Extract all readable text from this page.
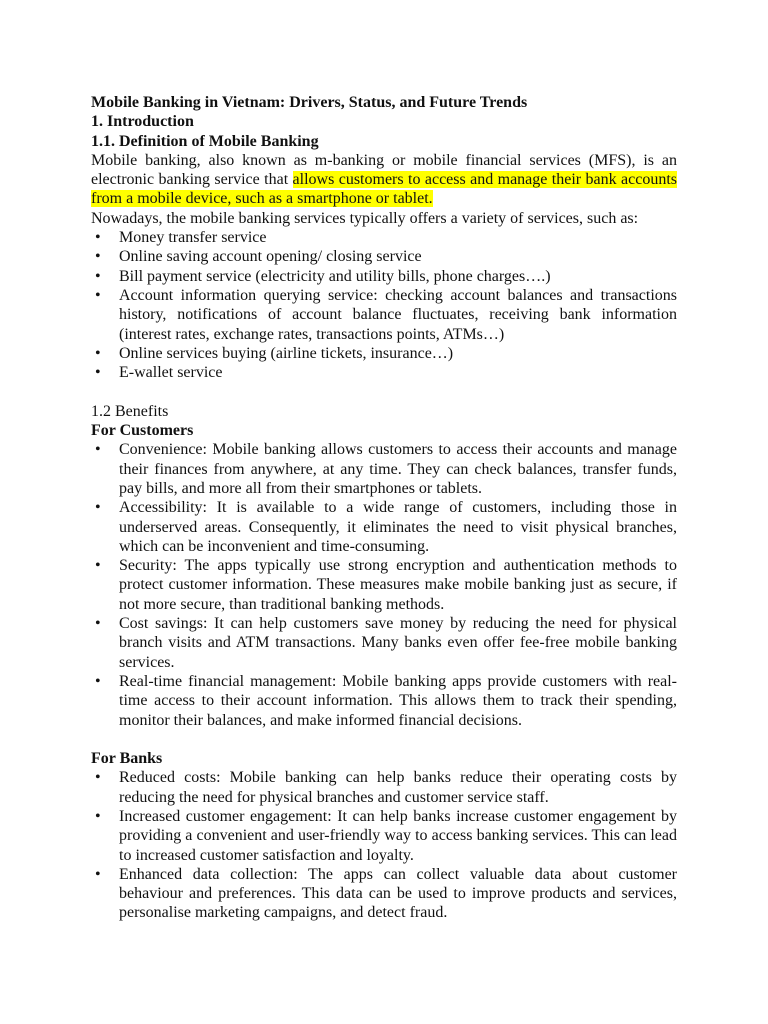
Mobile Banking in Vietnam: Drivers, Status, and Future Trends
1. Introduction
1.1. Definition of Mobile Banking

Mobile banking, also known as m-banking or mobile financial services (MFS), is an electronic banking service that allows customers to access and manage their bank accounts from a mobile device, such as a smartphone or tablet.

Nowadays, the mobile banking services typically offers a variety of services, such as:

• Money transfer service
• Online saving account opening/ closing service
• Bill payment service (electricity and utility bills, phone charges….)
• Account information querying service: checking account balances and transactions history, notifications of account balance fluctuates, receiving bank information (interest rates, exchange rates, transactions points, ATMs…)
• Online services buying (airline tickets, insurance…)
• E-wallet service
1.2 Benefits
For Customers
• Convenience: Mobile banking allows customers to access their accounts and manage their finances from anywhere, at any time. They can check balances, transfer funds, pay bills, and more all from their smartphones or tablets.
• Accessibility: It is available to a wide range of customers, including those in underserved areas. Consequently, it eliminates the need to visit physical branches, which can be inconvenient and time-consuming.
• Security: The apps typically use strong encryption and authentication methods to protect customer information. These measures make mobile banking just as secure, if not more secure, than traditional banking methods.
• Cost savings: It can help customers save money by reducing the need for physical branch visits and ATM transactions. Many banks even offer fee-free mobile banking services.
• Real-time financial management: Mobile banking apps provide customers with real-time access to their account information. This allows them to track their spending, monitor their balances, and make informed financial decisions.
For Banks
• Reduced costs: Mobile banking can help banks reduce their operating costs by reducing the need for physical branches and customer service staff.
• Increased customer engagement: It can help banks increase customer engagement by providing a convenient and user-friendly way to access banking services. This can lead to increased customer satisfaction and loyalty.
• Enhanced data collection: The apps can collect valuable data about customer behaviour and preferences. This data can be used to improve products and services, personalise marketing campaigns, and detect fraud.
